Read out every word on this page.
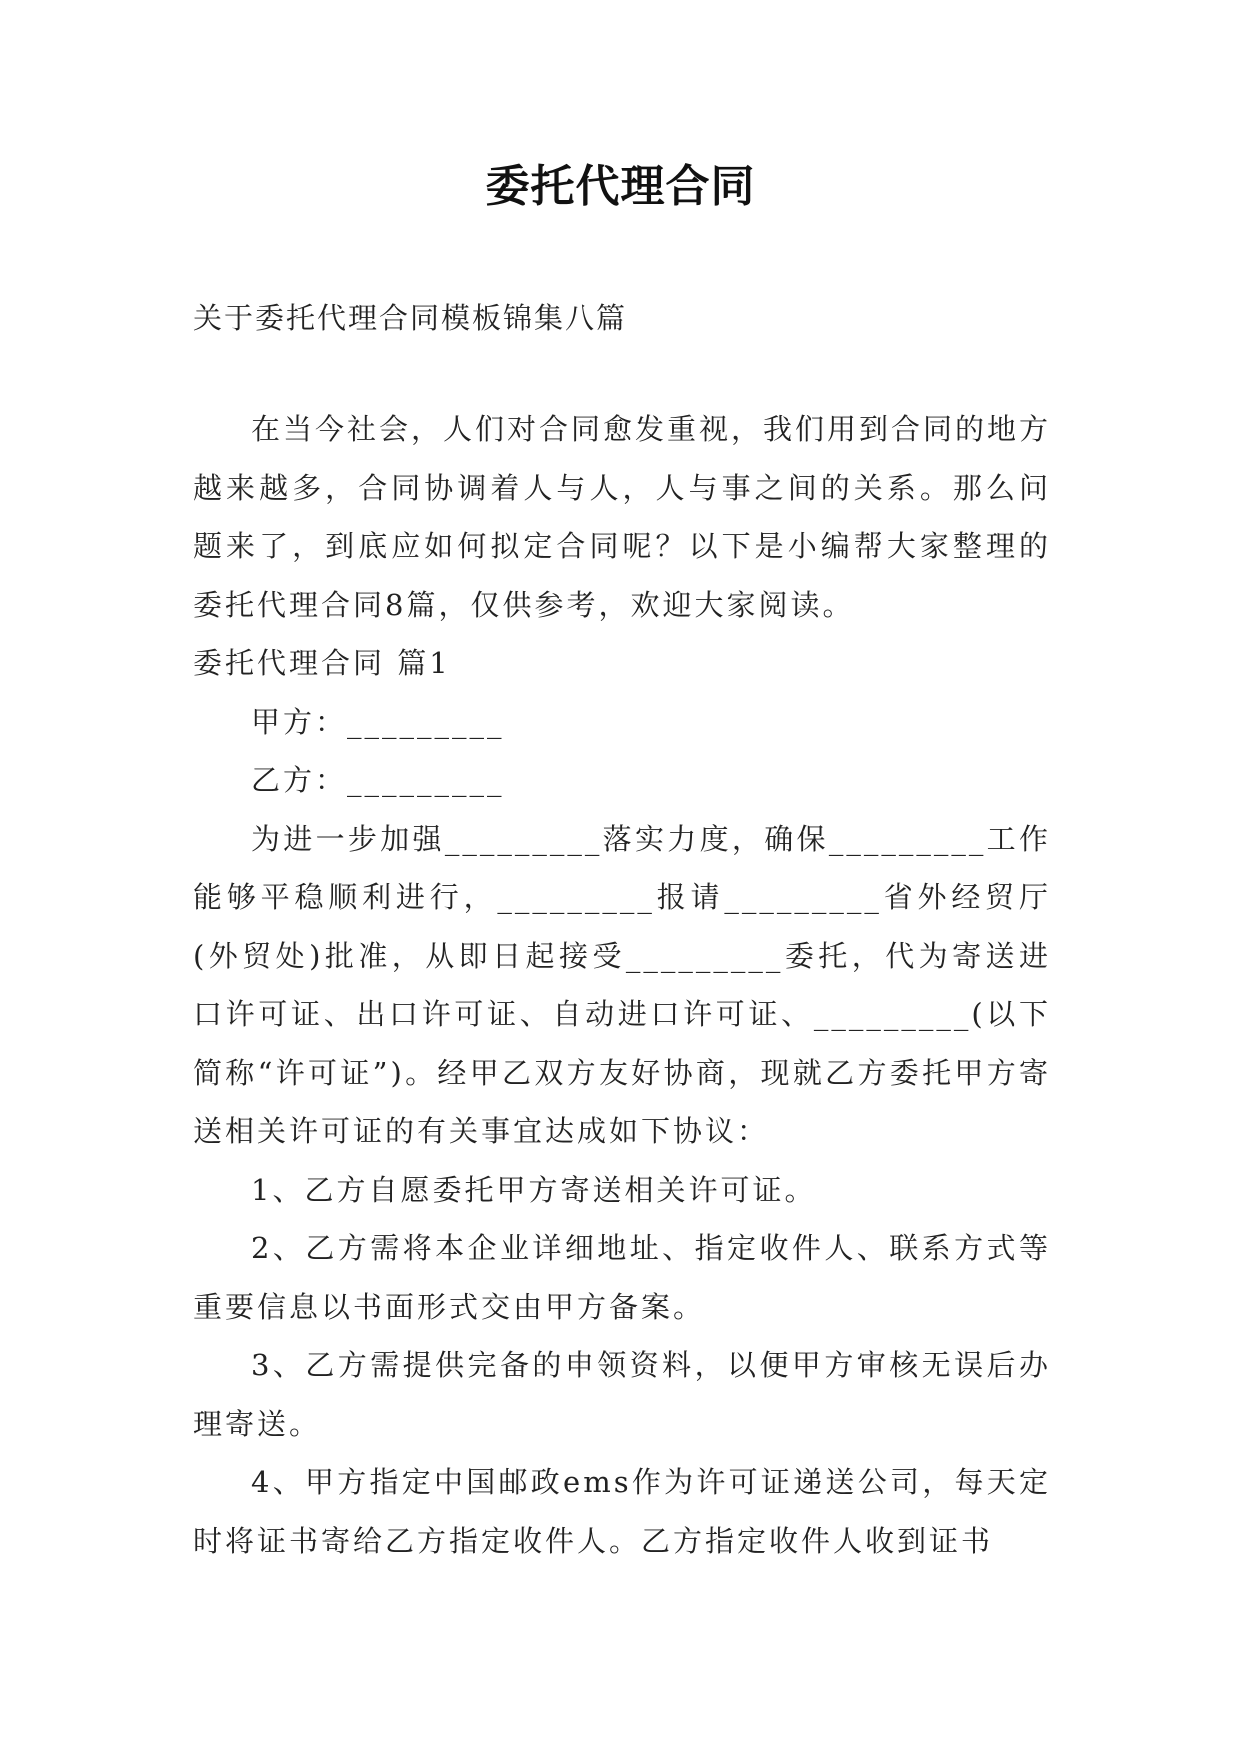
委托代理合同
关于委托代理合同模板锦集八篇

在当今社会，人们对合同愈发重视，我们用到合同的地方越来越多，合同协调着人与人，人与事之间的关系。那么问题来了，到底应如何拟定合同呢？以下是小编帮大家整理的委托代理合同8篇，仅供参考，欢迎大家阅读。

委托代理合同 篇1

甲方：_________

乙方：_________

为进一步加强_________落实力度，确保_________工作能够平稳顺利进行，_________报请_________省外经贸厅(外贸处)批准，从即日起接受_________委托，代为寄送进口许可证、出口许可证、自动进口许可证、_________(以下简称“许可证”)。经甲乙双方友好协商，现就乙方委托甲方寄送相关许可证的有关事宜达成如下协议：

1、乙方自愿委托甲方寄送相关许可证。

2、乙方需将本企业详细地址、指定收件人、联系方式等重要信息以书面形式交由甲方备案。

3、乙方需提供完备的申领资料，以便甲方审核无误后办理寄送。

4、甲方指定中国邮政ems作为许可证递送公司，每天定时将证书寄给乙方指定收件人。乙方指定收件人收到证书
